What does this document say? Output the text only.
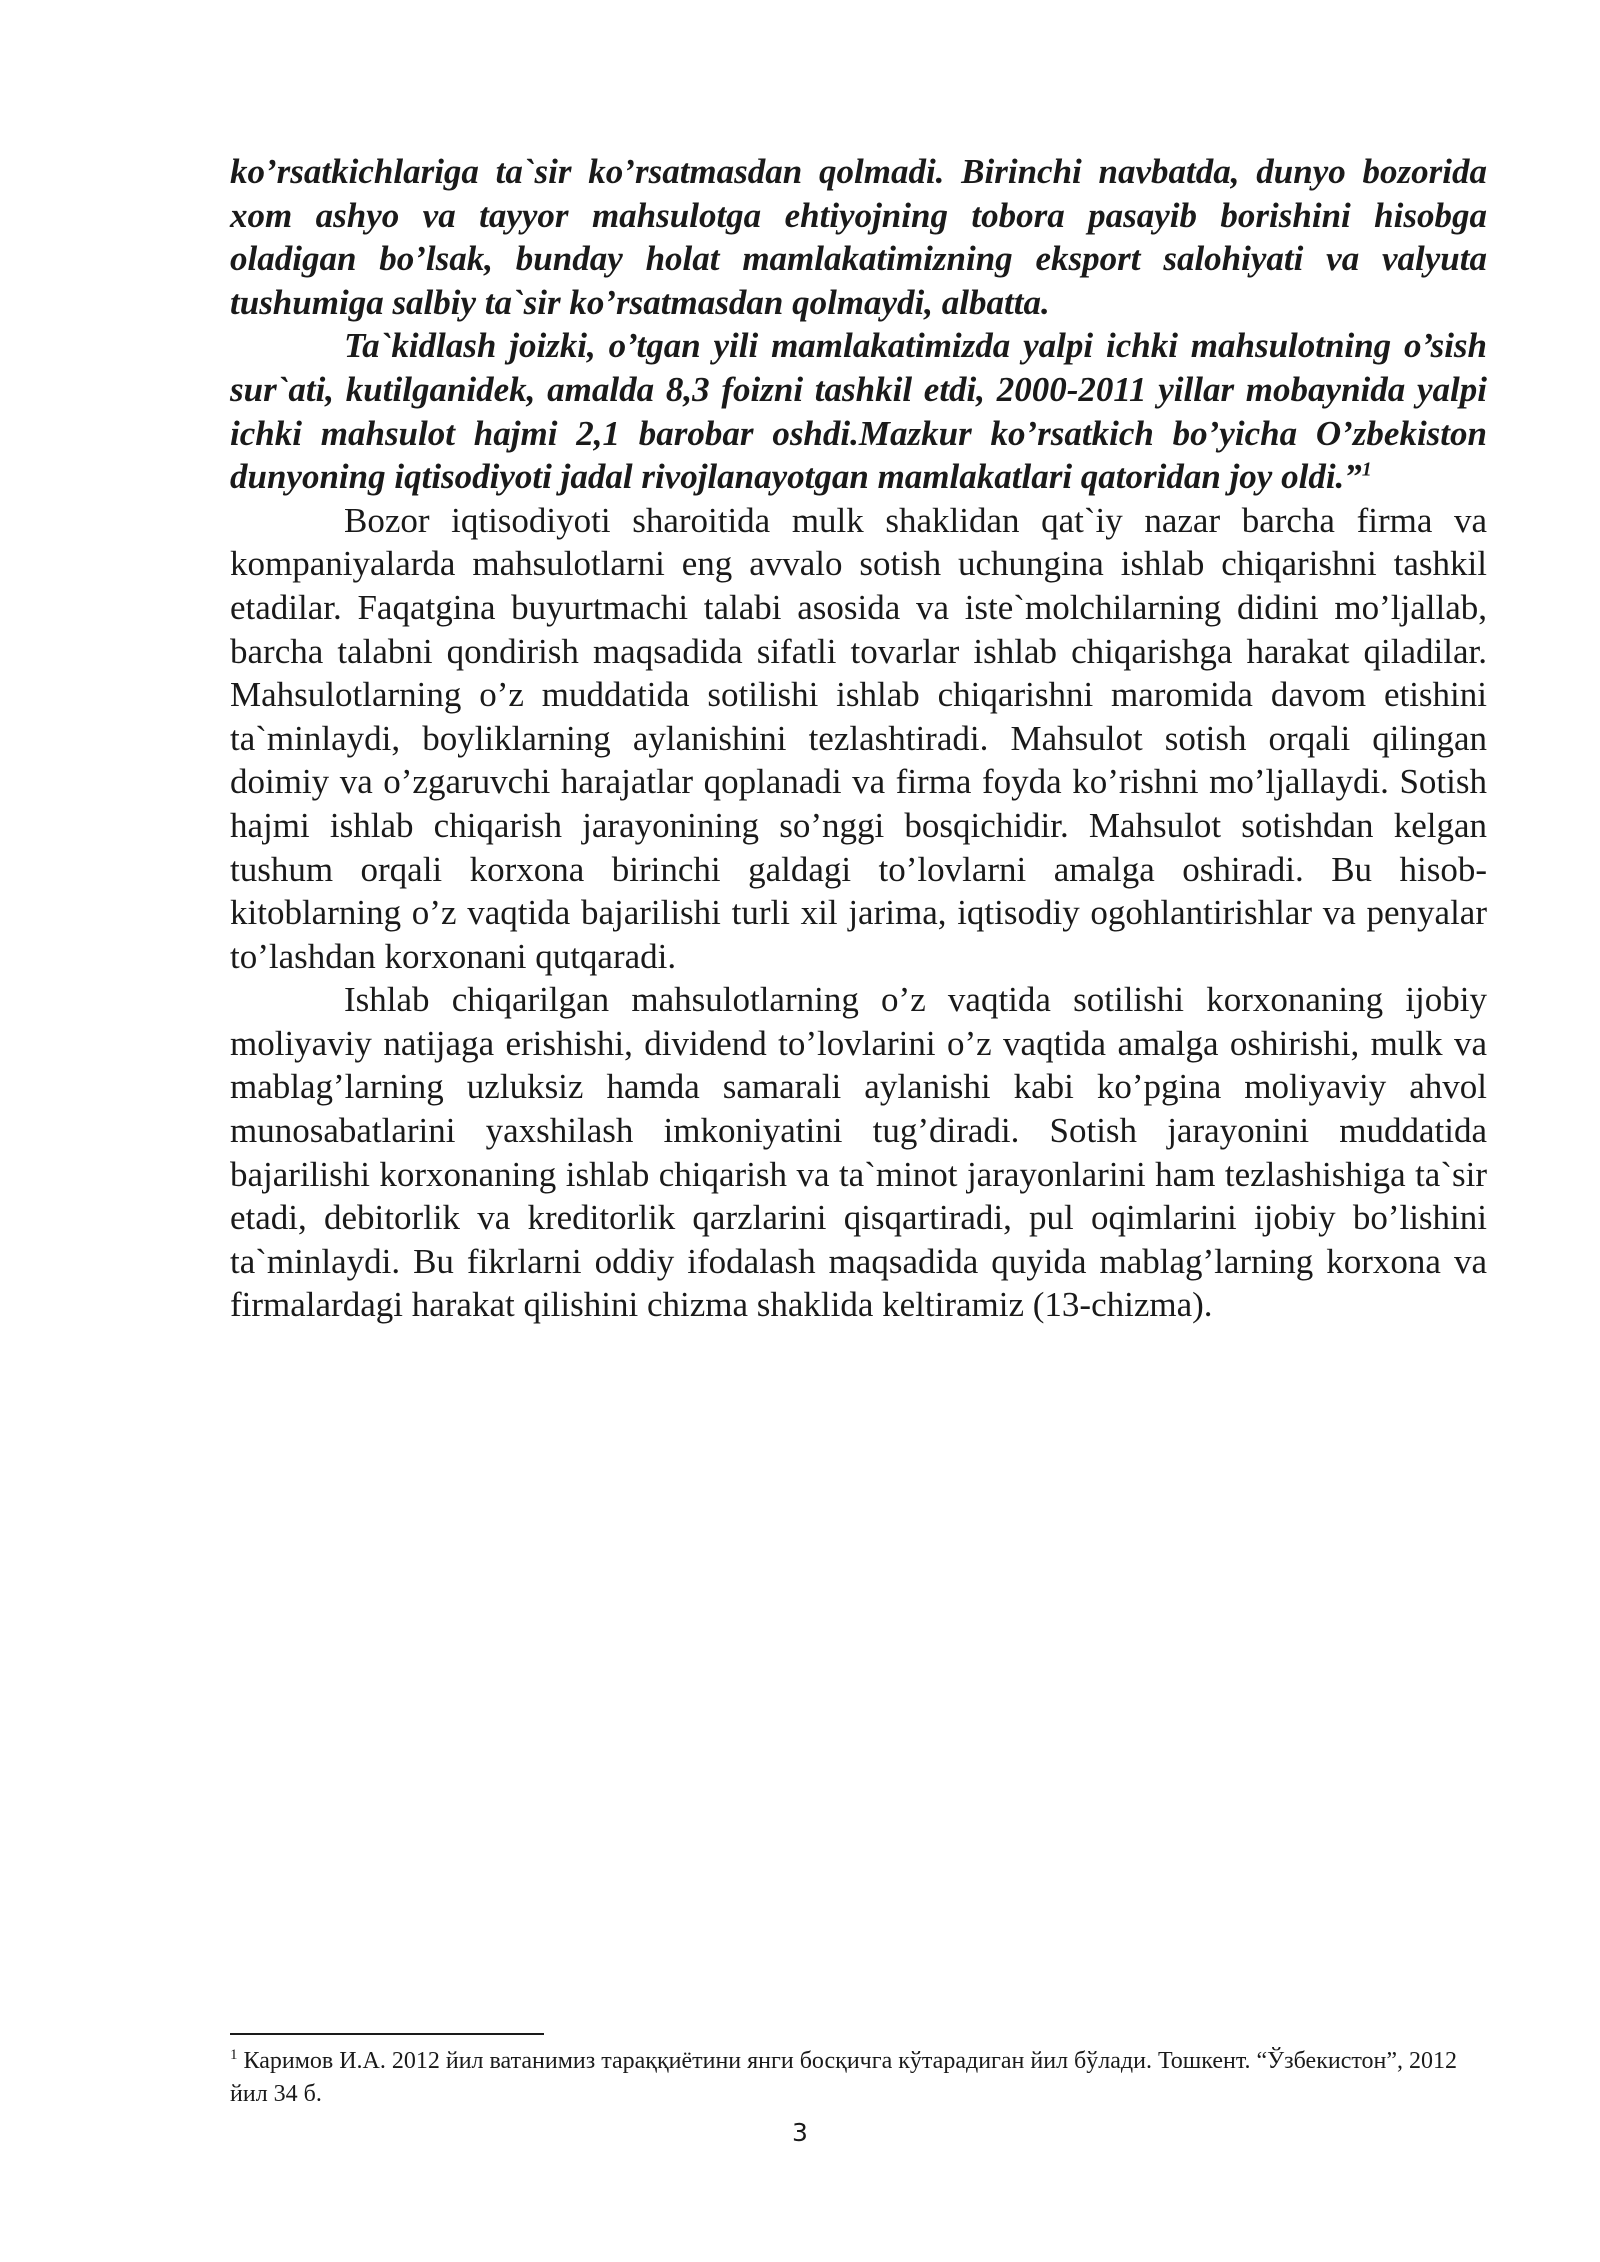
ko’rsatkichlariga ta`sir ko’rsatmasdan qolmadi. Birinchi navbatda, dunyo bozorida xom ashyo va tayyor mahsulotga ehtiyojning tobora pasayib borishini hisobga oladigan bo’lsak, bunday holat mamlakatimizning eksport salohiyati va valyuta tushumiga salbiy ta`sir ko’rsatmasdan qolmaydi, albatta.

Ta`kidlash joizki, o’tgan yili mamlakatimizda yalpi ichki mahsulotning o’sish sur`ati, kutilganidek, amalda 8,3 foizni tashkil etdi, 2000-2011 yillar mobaynida yalpi ichki mahsulot hajmi 2,1 barobar oshdi.Mazkur ko’rsatkich bo’yicha O’zbekiston dunyoning iqtisodiyoti jadal rivojlanayotgan mamlakatlari qatoridan joy oldi.”$^1$

Bozor iqtisodiyoti sharoitida mulk shaklidan qat`iy nazar barcha firma va kompaniyalarda mahsulotlarni eng avvalo sotish uchungina ishlab chiqarishni tashkil etadilar. Faqatgina buyurtmachi talabi asosida va iste`molchilarning didini mo’ljallab, barcha talabni qondirish maqsadida sifatli tovarlar ishlab chiqarishga harakat qiladilar. Mahsulotlarning o’z muddatida sotilishi ishlab chiqarishni maromida davom etishini ta`minlaydi, boyliklarning aylanishini tezlashtiradi. Mahsulot sotish orqali qilingan doimiy va o’zgaruvchi harajatlar qoplanadi va firma foyda ko’rishni mo’ljallaydi. Sotish hajmi ishlab chiqarish jarayonining so’nggi bosqichidir. Mahsulot sotishdan kelgan tushum orqali korxona birinchi galdagi to’lovlarni amalga oshiradi. Bu hisob-kitoblarning o’z vaqtida bajarilishi turli xil jarima, iqtisodiy ogohlantirishlar va penyalar to’lashdan korxonani qutqaradi.

Ishlab chiqarilgan mahsulotlarning o’z vaqtida sotilishi korxonaning ijobiy moliyaviy natijaga erishishi, dividend to’lovlarini o’z vaqtida amalga oshirishi, mulk va mablag’larning uzluksiz hamda samarali aylanishi kabi ko’pgina moliyaviy ahvol munosabatlarini yaxshilash imkoniyatini tug’diradi. Sotish jarayonini muddatida bajarilishi korxonaning ishlab chiqarish va ta`minot jarayonlarini ham tezlashishiga ta`sir etadi, debitorlik va kreditorlik qarzlarini qisqartiradi, pul oqimlarini ijobiy bo’lishini ta`minlaydi. Bu fikrlarni oddiy ifodalash maqsadida quyida mablag’larning korxona va firmalardagi harakat qilishini chizma shaklida keltiramiz (13-chizma).

$^1$ Каримов И.А. 2012 йил ватанимиз тараққиётини янги босқичга кўтарадиган йил бўлади. Тошкент. “Ўзбекистон”, 2012 йил 34 б.

3
